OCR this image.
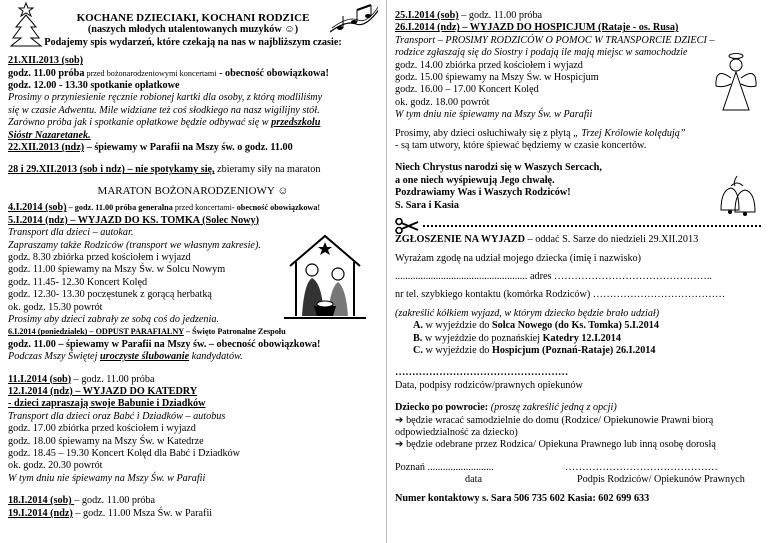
KOCHANE DZIECIAKI, KOCHANI RODZICE
(naszych młodych utalentowanych muzyków ☺)
Podajemy spis wydarzeń, które czekają na nas w najbliższym czasie:
21.XII.2013 (sob)
godz. 11.00 próba przed bożonarodzeniowymi koncertami - obecność obowiązkowa!
godz. 12.00 - 13.30 spotkanie opłatkowe
Prosimy o przyniesienie ręcznie robionej kartki dla osoby, z którą modliliśmy
się w czasie Adwentu. Mile widziane też coś słodkiego na nasz wigilijny stół.
Zarówno próba jak i spotkanie opłatkowe będzie odbywać się w przedszkolu
Sióstr Nazaretanek.
22.XII.2013 (ndz) – śpiewamy w Parafii na Mszy św. o godz. 11.00
28 i 29.XII.2013 (sob i ndz) – nie spotykamy się, zbieramy siły na maraton
MARATON BOŻONARODZENIOWY ☺
4.I.2014 (sob) – godz. 11.00 próba generalna przed koncertami- obecność obowiązkowa!
5.I.2014 (ndz) – WYJAZD DO KS. TOMKA (Solec Nowy)
Transport dla dzieci – autokar.
Zapraszamy także Rodziców (transport we własnym zakresie).
godz. 8.30 zbiórka przed kościołem i wyjazd
godz. 11.00 śpiewamy na Mszy Św. w Solcu Nowym
godz. 11.45- 12.30 Koncert Kolęd
godz. 12.30- 13.30 poczęstunek z gorącą herbatką
ok. godz. 15.30 powrót
Prosimy aby dzieci zabrały ze sobą coś do jedzenia.
6.I.2014 (poniedziałek) – ODPUST PARAFIALNY – Święto Patronalne Zespołu
godz. 11.00 – śpiewamy w Parafii na Mszy św. – obecność obowiązkowa!
Podczas Mszy Świętej uroczyste ślubowanie kandydatów.
11.I.2014 (sob) – godz. 11.00 próba
12.I.2014 (ndz) – WYJAZD DO KATEDRY
- dzieci zapraszają swoje Babunie i Dziadków
Transport dla dzieci oraz Babć i Dziadków – autobus
godz. 17.00 zbiórka przed kościołem i wyjazd
godz. 18.00 śpiewamy na Mszy Św. w Katedrze
godz. 18.45 – 19.30 Koncert Kolęd dla Babć i Dziadków
ok. godz. 20.30 powrót
W tym dniu nie śpiewamy na Mszy Św. w Parafii
18.I.2014 (sob) – godz. 11.00 próba
19.I.2014 (ndz) – godz. 11.00 Msza Św. w Parafii
25.I.2014 (sob) – godz. 11.00 próba
26.I.2014 (ndz) – WYJAZD DO HOSPICJUM (Rataje - os. Rusa)
Transport – PROSIMY RODZICÓW O POMOC W TRANSPORCIE DZIECI –
rodzice zgłaszają się do Siostry i podają ile mają miejsc w samochodzie
godz. 14.00 zbiórka przed kościołem i wyjazd
godz. 15.00 śpiewamy na Mszy Św. w Hospicjum
godz. 16.00 – 17.00 Koncert Kolęd
ok. godz. 18.00 powrót
W tym dniu nie śpiewamy na Mszy Św. w Parafii
Prosimy, aby dzieci osłuchiwały się z płytą „ Trzej Królowie kolędują”
- są tam utwory, które śpiewać będziemy w czasie koncertów.
Niech Chrystus narodzi się w Waszych Sercach,
a one niech wyśpiewują Jego chwałę.
Pozdrawiamy Was i Waszych Rodziców!
S. Sara i Kasia
ZGŁOSZENIE NA WYJAZD – oddać S. Sarze do niedzieli 29.XII.2013
Wyrażam zgodę na udział mojego dziecka (imię i nazwisko)
.................................................... adres ………………………………………..
nr tel. szybkiego kontaktu (komórka Rodziców) …………………………………
(zakreślić kółkiem wyjazd, w którym dziecko będzie brało udział)
A. w wyjeździe do Solca Nowego (do Ks. Tomka) 5.I.2014
B. w wyjeździe do poznańskiej Katedry 12.I.2014
C. w wyjeździe do Hospicjum (Poznań-Rataje) 26.I.2014
……………………………………………
Data, podpisy rodziców/prawnych opiekunów
Dziecko po powrocie: (proszę zakreślić jedną z opcji)
➔ będzie wracać samodzielnie do domu (Rodzice/ Opiekunowie Prawni biorą
odpowiedzialność za dziecko)
➔ będzie odebrane przez Rodzica/ Opiekuna Prawnego lub inną osobę dorosłą
Poznań ..........................	………………………………………
data	Podpis Rodziców/ Opiekunów Prawnych
Numer kontaktowy s. Sara 506 735 602 Kasia: 602 699 633
